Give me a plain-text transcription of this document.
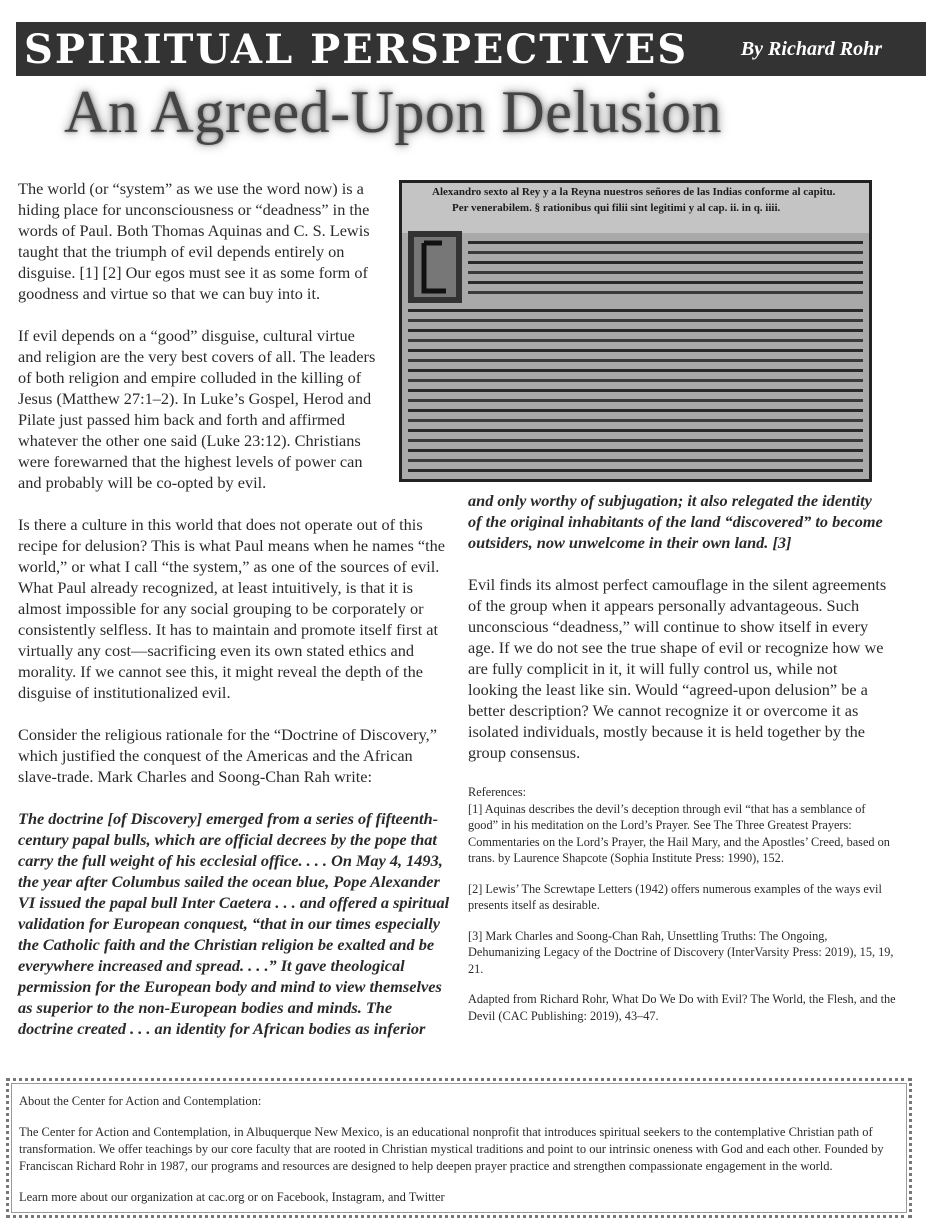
SPIRITUAL PERSPECTIVES	By Richard Rohr
An Agreed-Upon Delusion
Alexandro sexto al Rey y a la Reyna nuestros señores de las Indias conforme al capitu.
Per venerabilem. § rationibus qui filii sint legitimi y al cap. ii. in q. iiii.

The world (or “system” as we use the word now) is a hiding place for unconsciousness or “deadness” in the words of Paul. Both Thomas Aquinas and C. S. Lewis taught that the triumph of evil depends entirely on disguise. [1] [2] Our egos must see it as some form of goodness and virtue so that we can buy into it.

If evil depends on a “good” disguise, cultural virtue and religion are the very best covers of all. The leaders of both religion and empire colluded in the killing of Jesus (Matthew 27:1–2). In Luke’s Gospel, Herod and Pilate just passed him back and forth and affirmed whatever the other one said (Luke 23:12). Christians were forewarned that the highest levels of power can and probably will be co-opted by evil.

Is there a culture in this world that does not operate out of this recipe for delusion? This is what Paul means when he names “the world,” or what I call “the system,” as one of the sources of evil. What Paul already recognized, at least intuitively, is that it is almost impossible for any social grouping to be corporately or consistently selfless. It has to maintain and promote itself first at virtually any cost—sacrificing even its own stated ethics and morality. If we cannot see this, it might reveal the depth of the disguise of institutionalized evil.

Consider the religious rationale for the “Doctrine of Discovery,” which justified the conquest of the Americas and the African slave-trade. Mark Charles and Soong-Chan Rah write:

The doctrine [of Discovery] emerged from a series of fifteenth-century papal bulls, which are official decrees by the pope that carry the full weight of his ecclesial office. . . . On May 4, 1493, the year after Columbus sailed the ocean blue, Pope Alexander VI issued the papal bull Inter Caetera . . . and offered a spiritual validation for European conquest, “that in our times especially the Catholic faith and the Christian religion be exalted and be everywhere increased and spread. . . .” It gave theological permission for the European body and mind to view themselves as superior to the non-European bodies and minds. The doctrine created . . . an identity for African bodies as inferior

and only worthy of subjugation; it also relegated the identity of the original inhabitants of the land “discovered” to become outsiders, now unwelcome in their own land. [3]

Evil finds its almost perfect camouflage in the silent agreements of the group when it appears personally advantageous. Such unconscious “deadness,” will continue to show itself in every age. If we do not see the true shape of evil or recognize how we are fully complicit in it, it will fully control us, while not looking the least like sin. Would “agreed-upon delusion” be a better description? We cannot recognize it or overcome it as isolated individuals, mostly because it is held together by the group consensus.

References:

[1] Aquinas describes the devil’s deception through evil “that has a semblance of good” in his meditation on the Lord’s Prayer. See The Three Greatest Prayers: Commentaries on the Lord’s Prayer, the Hail Mary, and the Apostles’ Creed, based on trans. by Laurence Shapcote (Sophia Institute Press: 1990), 152.

[2] Lewis’ The Screwtape Letters (1942) offers numerous examples of the ways evil presents itself as desirable.

[3] Mark Charles and Soong-Chan Rah, Unsettling Truths: The Ongoing, Dehumanizing Legacy of the Doctrine of Discovery (InterVarsity Press: 2019), 15, 19, 21.

Adapted from Richard Rohr, What Do We Do with Evil? The World, the Flesh, and the Devil (CAC Publishing: 2019), 43–47.

About the Center for Action and Contemplation:

The Center for Action and Contemplation, in Albuquerque New Mexico, is an educational nonprofit that introduces spiritual seekers to the contemplative Christian path of transformation. We offer teachings by our core faculty that are rooted in Christian mystical traditions and point to our intrinsic oneness with God and each other. Founded by Franciscan Richard Rohr in 1987, our programs and resources are designed to help deepen prayer practice and strengthen compassionate engagement in the world.

Learn more about our organization at cac.org or on Facebook, Instagram, and Twitter
